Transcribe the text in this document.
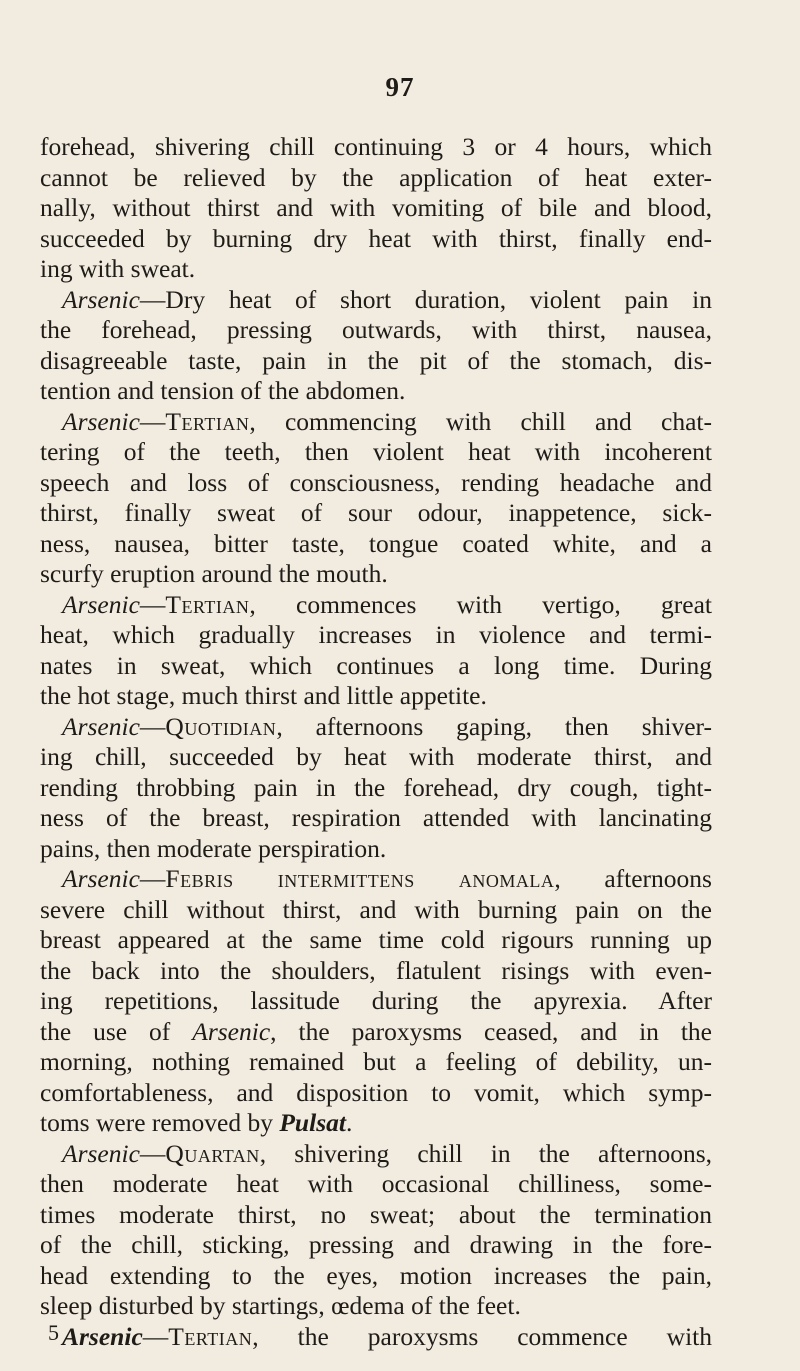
97

forehead, shivering chill continuing 3 or 4 hours, which
cannot be relieved by the application of heat exter-
nally, without thirst and with vomiting of bile and blood,
succeeded by burning dry heat with thirst, finally end-

ing with sweat.

Arsenic—Dry heat of short duration, violent pain in
the forehead, pressing outwards, with thirst, nausea,
disagreeable taste, pain in the pit of the stomach, dis-

tention and tension of the abdomen.

Arsenic—Tertian, commencing with chill and chat-
tering of the teeth, then violent heat with incoherent
speech and loss of consciousness, rending headache and
thirst, finally sweat of sour odour, inappetence, sick-
ness, nausea, bitter taste, tongue coated white, and a

scurfy eruption around the mouth.

Arsenic—Tertian, commences with vertigo, great
heat, which gradually increases in violence and termi-
nates in sweat, which continues a long time. During

the hot stage, much thirst and little appetite.

Arsenic—Quotidian, afternoons gaping, then shiver-
ing chill, succeeded by heat with moderate thirst, and
rending throbbing pain in the forehead, dry cough, tight-
ness of the breast, respiration attended with lancinating

pains, then moderate perspiration.

Arsenic—Febris intermittens anomala, afternoons
severe chill without thirst, and with burning pain on the
breast appeared at the same time cold rigours running up
the back into the shoulders, flatulent risings with even-
ing repetitions, lassitude during the apyrexia. After
the use of Arsenic, the paroxysms ceased, and in the
morning, nothing remained but a feeling of debility, un-
comfortableness, and disposition to vomit, which symp-

toms were removed by Pulsat.

Arsenic—Quartan, shivering chill in the afternoons,
then moderate heat with occasional chilliness, some-
times moderate thirst, no sweat; about the termination
of the chill, sticking, pressing and drawing in the fore-
head extending to the eyes, motion increases the pain,

sleep disturbed by startings, œdema of the feet.

Arsenic—Tertian, the paroxysms commence with

5
